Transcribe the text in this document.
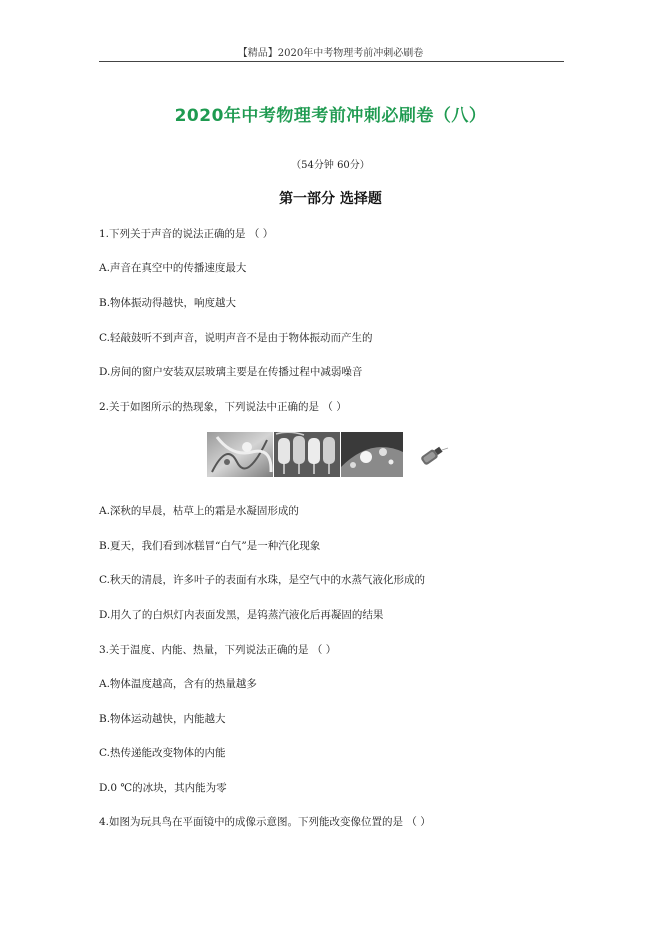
【精品】2020年中考物理考前冲刺必刷卷
2020年中考物理考前冲刺必刷卷（八）
（54分钟 60分）
第一部分 选择题
1.下列关于声音的说法正确的是 （ ）
A.声音在真空中的传播速度最大
B.物体振动得越快，响度越大
C.轻敲鼓听不到声音，说明声音不是由于物体振动而产生的
D.房间的窗户安装双层玻璃主要是在传播过程中减弱噪音
2.关于如图所示的热现象，下列说法中正确的是 （ ）
A.深秋的早晨，枯草上的霜是水凝固形成的
B.夏天，我们看到冰糕冒“白气”是一种汽化现象
C.秋天的清晨，许多叶子的表面有水珠，是空气中的水蒸气液化形成的
D.用久了的白炽灯内表面发黑，是钨蒸汽液化后再凝固的结果
3.关于温度、内能、热量，下列说法正确的是 （ ）
A.物体温度越高，含有的热量越多
B.物体运动越快，内能越大
C.热传递能改变物体的内能
D.0 ℃的冰块，其内能为零
4.如图为玩具鸟在平面镜中的成像示意图。下列能改变像位置的是 （ ）
